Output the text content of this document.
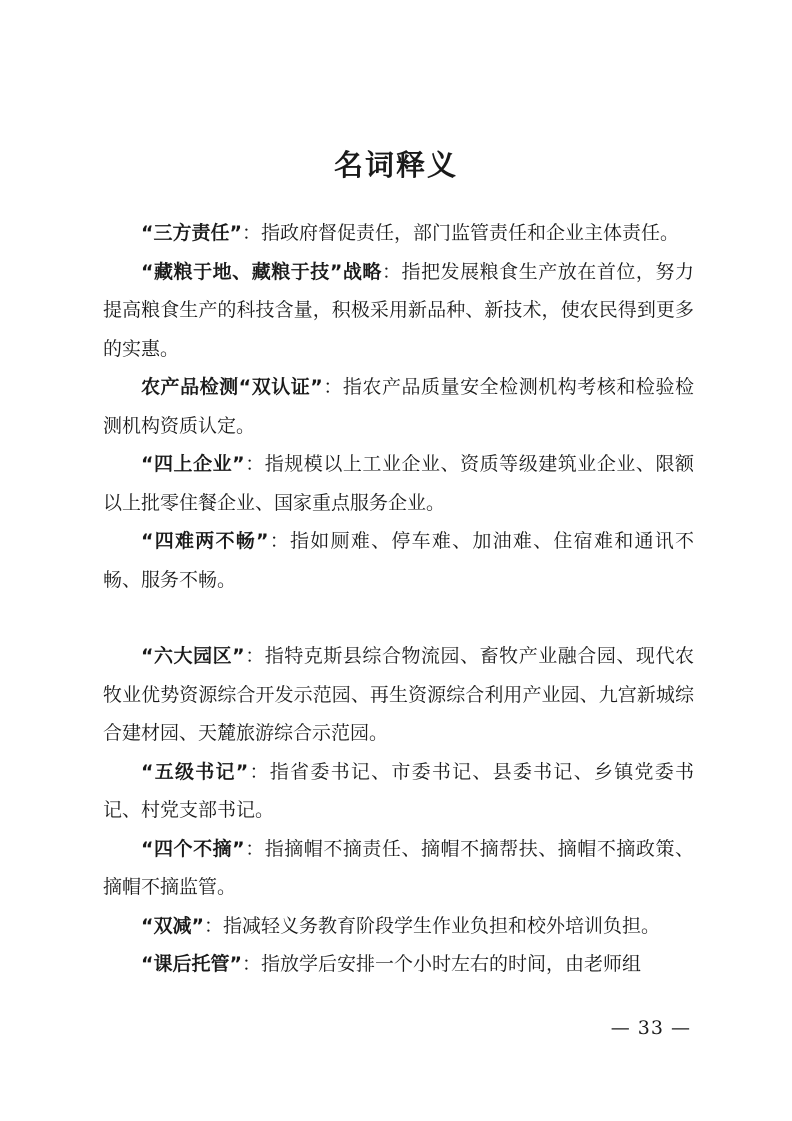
名词释义

“三方责任”：指政府督促责任，部门监管责任和企业主体责任。

“藏粮于地、藏粮于技”战略：指把发展粮食生产放在首位，努力提高粮食生产的科技含量，积极采用新品种、新技术，使农民得到更多的实惠。

农产品检测“双认证”：指农产品质量安全检测机构考核和检验检测机构资质认定。

“四上企业”：指规模以上工业企业、资质等级建筑业企业、限额以上批零住餐企业、国家重点服务企业。

“四难两不畅”：指如厕难、停车难、加油难、住宿难和通讯不畅、服务不畅。

“六大园区”：指特克斯县综合物流园、畜牧产业融合园、现代农牧业优势资源综合开发示范园、再生资源综合利用产业园、九宫新城综合建材园、天麓旅游综合示范园。

“五级书记”：指省委书记、市委书记、县委书记、乡镇党委书记、村党支部书记。

“四个不摘”：指摘帽不摘责任、摘帽不摘帮扶、摘帽不摘政策、摘帽不摘监管。

“双减”：指减轻义务教育阶段学生作业负担和校外培训负担。

“课后托管”：指放学后安排一个小时左右的时间，由老师组

— 33 —
